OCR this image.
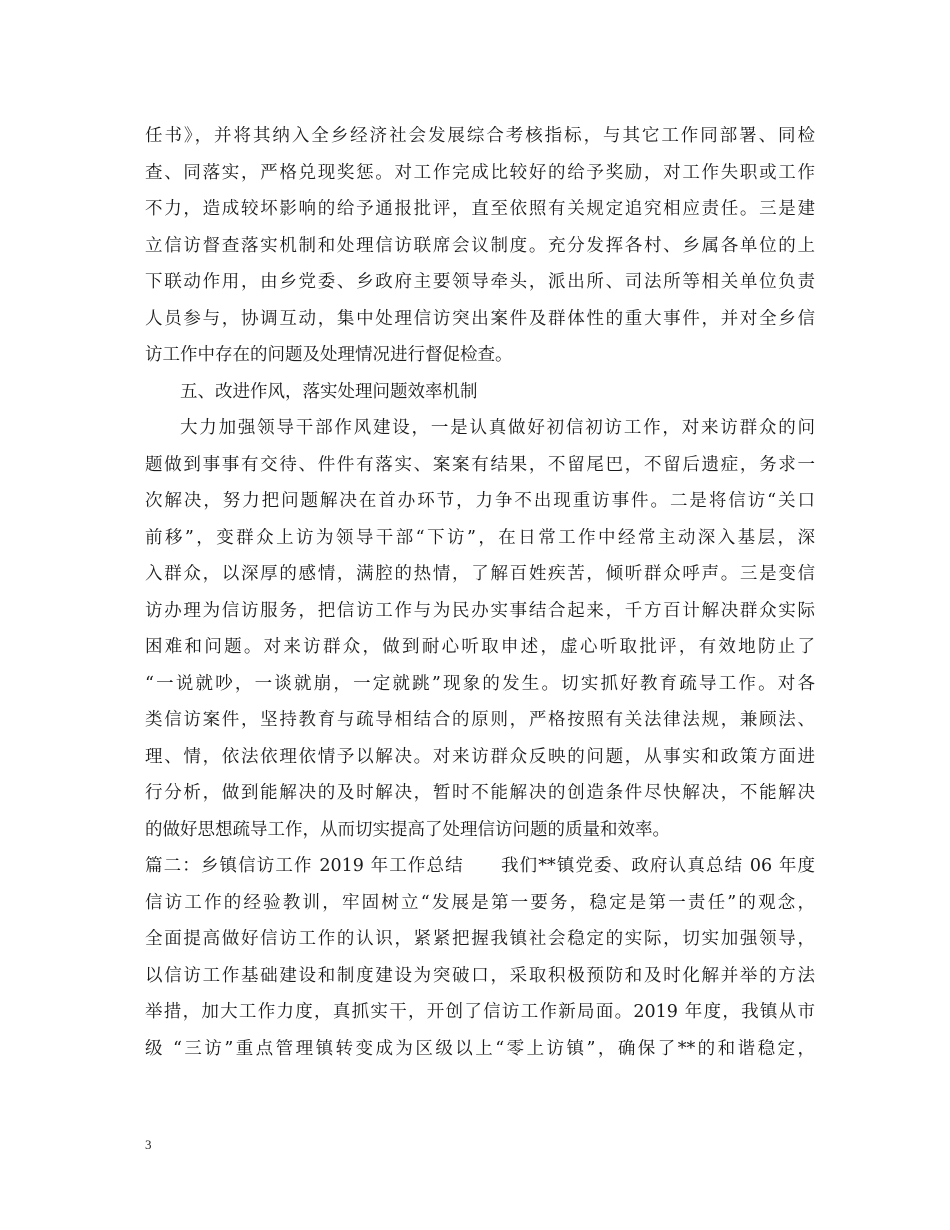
任书》，并将其纳入全乡经济社会发展综合考核指标，与其它工作同部署、同检
查、同落实，严格兑现奖惩。对工作完成比较好的给予奖励，对工作失职或工作
不力，造成较坏影响的给予通报批评，直至依照有关规定追究相应责任。三是建
立信访督查落实机制和处理信访联席会议制度。充分发挥各村、乡属各单位的上
下联动作用，由乡党委、乡政府主要领导牵头，派出所、司法所等相关单位负责
人员参与，协调互动，集中处理信访突出案件及群体性的重大事件，并对全乡信
访工作中存在的问题及处理情况进行督促检查。
五、改进作风，落实处理问题效率机制
大力加强领导干部作风建设，一是认真做好初信初访工作，对来访群众的问
题做到事事有交待、件件有落实、案案有结果，不留尾巴，不留后遗症，务求一
次解决，努力把问题解决在首办环节，力争不出现重访事件。二是将信访“关口
前移”，变群众上访为领导干部“下访”，在日常工作中经常主动深入基层，深
入群众，以深厚的感情，满腔的热情，了解百姓疾苦，倾听群众呼声。三是变信
访办理为信访服务，把信访工作与为民办实事结合起来，千方百计解决群众实际
困难和问题。对来访群众，做到耐心听取申述，虚心听取批评，有效地防止了
“一说就吵，一谈就崩，一定就跳”现象的发生。切实抓好教育疏导工作。对各
类信访案件，坚持教育与疏导相结合的原则，严格按照有关法律法规，兼顾法、
理、情，依法依理依情予以解决。对来访群众反映的问题，从事实和政策方面进
行分析，做到能解决的及时解决，暂时不能解决的创造条件尽快解决，不能解决
的做好思想疏导工作，从而切实提高了处理信访问题的质量和效率。
篇二：乡镇信访工作 2019 年工作总结　　我们**镇党委、政府认真总结 06 年度
信访工作的经验教训，牢固树立“发展是第一要务，稳定是第一责任”的观念，
全面提高做好信访工作的认识，紧紧把握我镇社会稳定的实际，切实加强领导，
以信访工作基础建设和制度建设为突破口，采取积极预防和及时化解并举的方法
举措，加大工作力度，真抓实干，开创了信访工作新局面。2019 年度，我镇从市
级 “三访”重点管理镇转变成为区级以上“零上访镇”，确保了**的和谐稳定，
3
